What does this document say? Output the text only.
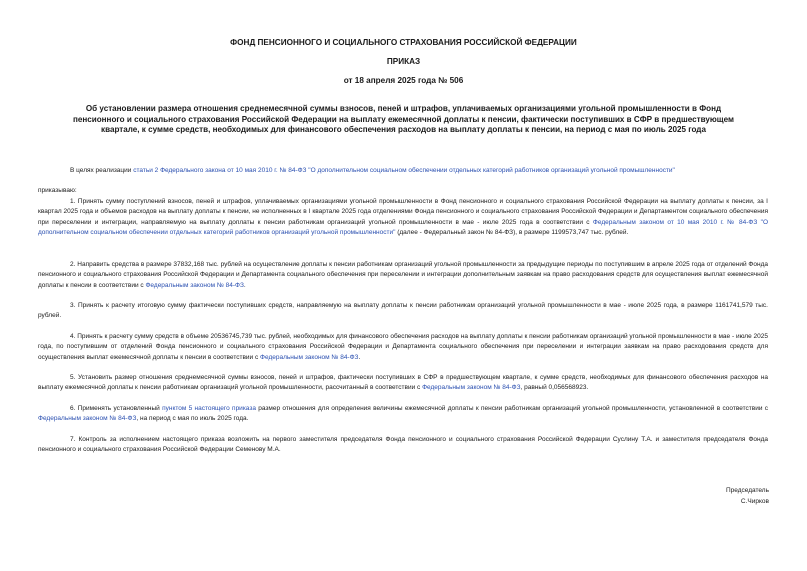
ФОНД ПЕНСИОННОГО И СОЦИАЛЬНОГО СТРАХОВАНИЯ РОССИЙСКОЙ ФЕДЕРАЦИИ
ПРИКАЗ
от 18 апреля 2025 года № 506
Об установлении размера отношения среднемесячной суммы взносов, пеней и штрафов, уплачиваемых организациями угольной промышленности в Фонд пенсионного и социального страхования Российской Федерации на выплату ежемесячной доплаты к пенсии, фактически поступивших в СФР в предшествующем квартале, к сумме средств, необходимых для финансового обеспечения расходов на выплату доплаты к пенсии, на период с мая по июль 2025 года
В целях реализации статьи 2 Федерального закона от 10 мая 2010 г. № 84-ФЗ "О дополнительном социальном обеспечении отдельных категорий работников организаций угольной промышленности"
приказываю:
1. Принять сумму поступлений взносов, пеней и штрафов, уплачиваемых организациями угольной промышленности в Фонд пенсионного и социального страхования Российской Федерации на выплату доплаты к пенсии, за I квартал 2025 года и объемов расходов на выплату доплаты к пенсии, не исполненных в I квартале 2025 года отделениями Фонда пенсионного и социального страхования Российской Федерации и Департаментом социального обеспечения при переселении и интеграции, направляемую на выплату доплаты к пенсии работникам организаций угольной промышленности в мае - июле 2025 года в соответствии с Федеральным законом от 10 мая 2010 г. № 84-ФЗ "О дополнительном социальном обеспечении отдельных категорий работников организаций угольной промышленности" (далее - Федеральный закон № 84-ФЗ), в размере 1199573,747 тыс. рублей.
2. Направить средства в размере 37832,168 тыс. рублей на осуществление доплаты к пенсии работникам организаций угольной промышленности за предыдущие периоды по поступившим в апреле 2025 года от отделений Фонда пенсионного и социального страхования Российской Федерации и Департамента социального обеспечения при переселении и интеграции дополнительным заявкам на право расходования средств для осуществления выплат ежемесячной доплаты к пенсии в соответствии с Федеральным законом № 84-ФЗ.
3. Принять к расчету итоговую сумму фактически поступивших средств, направляемую на выплату доплаты к пенсии работникам организаций угольной промышленности в мае - июле 2025 года, в размере 1161741,579 тыс. рублей.
4. Принять к расчету сумму средств в объеме 20536745,739 тыс. рублей, необходимых для финансового обеспечения расходов на выплату доплаты к пенсии работникам организаций угольной промышленности в мае - июле 2025 года, по поступившим от отделений Фонда пенсионного и социального страхования Российской Федерации и Департамента социального обеспечения при переселении и интеграции заявкам на право расходования средств для осуществления выплат ежемесячной доплаты к пенсии в соответствии с Федеральным законом № 84-ФЗ.
5. Установить размер отношения среднемесячной суммы взносов, пеней и штрафов, фактически поступивших в СФР в предшествующем квартале, к сумме средств, необходимых для финансового обеспечения расходов на выплату ежемесячной доплаты к пенсии работникам организаций угольной промышленности, рассчитанный в соответствии с Федеральным законом № 84-ФЗ, равный 0,056568923.
6. Применять установленный пунктом 5 настоящего приказа размер отношения для определения величины ежемесячной доплаты к пенсии работникам организаций угольной промышленности, установленной в соответствии с Федеральным законом № 84-ФЗ, на период с мая по июль 2025 года.
7. Контроль за исполнением настоящего приказа возложить на первого заместителя председателя Фонда пенсионного и социального страхования Российской Федерации Суслину Т.А. и заместителя председателя Фонда пенсионного и социального страхования Российской Федерации Семенову М.А.
Председатель
С.Чирков
